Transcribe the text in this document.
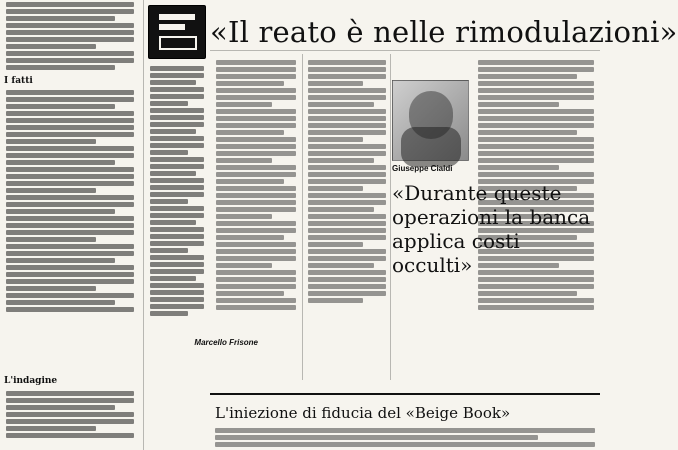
I fatti
L'indagine
Marcello Frisone
«Il reato è nelle rimodulazioni»
Giuseppe Cialdi
«Durante queste operazioni la banca applica costi occulti»
L'iniezione di fiducia del «Beige Book»
